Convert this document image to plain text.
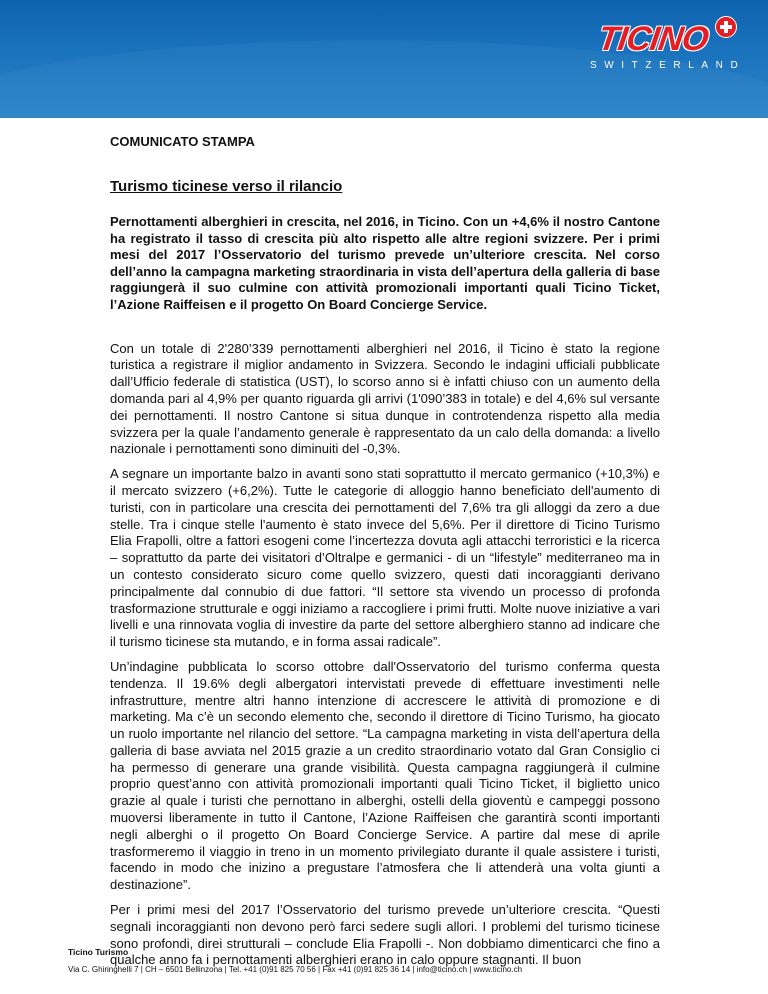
TICINO
SWITZERLAND

COMUNICATO STAMPA

Turismo ticinese verso il rilancio

Pernottamenti alberghieri in crescita, nel 2016, in Ticino. Con un +4,6% il nostro Cantone ha registrato il tasso di crescita più alto rispetto alle altre regioni svizzere. Per i primi mesi del 2017 l’Osservatorio del turismo prevede un’ulteriore crescita. Nel corso dell’anno la campagna marketing straordinaria in vista dell’apertura della galleria di base raggiungerà il suo culmine con attività promozionali importanti quali Ticino Ticket, l’Azione Raiffeisen e il progetto On Board Concierge Service.

Con un totale di 2'280’339 pernottamenti alberghieri nel 2016, il Ticino è stato la regione turistica a registrare il miglior andamento in Svizzera. Secondo le indagini ufficiali pubblicate dall’Ufficio federale di statistica (UST), lo scorso anno si è infatti chiuso con un aumento della domanda pari al 4,9% per quanto riguarda gli arrivi (1'090’383 in totale) e del 4,6% sul versante dei pernottamenti. Il nostro Cantone si situa dunque in controtendenza rispetto alla media svizzera per la quale l’andamento generale è rappresentato da un calo della domanda: a livello nazionale i pernottamenti sono diminuiti del -0,3%.

A segnare un importante balzo in avanti sono stati soprattutto il mercato germanico (+10,3%) e il mercato svizzero (+6,2%). Tutte le categorie di alloggio hanno beneficiato dell'aumento di turisti, con in particolare una crescita dei pernottamenti del 7,6% tra gli alloggi da zero a due stelle. Tra i cinque stelle l'aumento è stato invece del 5,6%. Per il direttore di Ticino Turismo Elia Frapolli, oltre a fattori esogeni come l’incertezza dovuta agli attacchi terroristici e la ricerca – soprattutto da parte dei visitatori d’Oltralpe e germanici - di un “lifestyle” mediterraneo ma in un contesto considerato sicuro come quello svizzero, questi dati incoraggianti derivano principalmente dal connubio di due fattori. “Il settore sta vivendo un processo di profonda trasformazione strutturale e oggi iniziamo a raccogliere i primi frutti. Molte nuove iniziative a vari livelli e una rinnovata voglia di investire da parte del settore alberghiero stanno ad indicare che il turismo ticinese sta mutando, e in forma assai radicale”.

Un’indagine pubblicata lo scorso ottobre dall'Osservatorio del turismo conferma questa tendenza. Il 19.6% degli albergatori intervistati prevede di effettuare investimenti nelle infrastrutture, mentre altri hanno intenzione di accrescere le attività di promozione e di marketing. Ma c’è un secondo elemento che, secondo il direttore di Ticino Turismo, ha giocato un ruolo importante nel rilancio del settore. “La campagna marketing in vista dell’apertura della galleria di base avviata nel 2015 grazie a un credito straordinario votato dal Gran Consiglio ci ha permesso di generare una grande visibilità. Questa campagna raggiungerà il culmine proprio quest’anno con attività promozionali importanti quali Ticino Ticket, il biglietto unico grazie al quale i turisti che pernottano in alberghi, ostelli della gioventù e campeggi possono muoversi liberamente in tutto il Cantone, l’Azione Raiffeisen che garantirà sconti importanti negli alberghi o il progetto On Board Concierge Service. A partire dal mese di aprile trasformeremo il viaggio in treno in un momento privilegiato durante il quale assistere i turisti, facendo in modo che inizino a pregustare l’atmosfera che li attenderà una volta giunti a destinazione”.

Per i primi mesi del 2017 l’Osservatorio del turismo prevede un’ulteriore crescita. “Questi segnali incoraggianti non devono però farci sedere sugli allori. I problemi del turismo ticinese sono profondi, direi strutturali – conclude Elia Frapolli -. Non dobbiamo dimenticarci che fino a qualche anno fa i pernottamenti alberghieri erano in calo oppure stagnanti. Il buon

Ticino Turismo
Via C. Ghiringhelli 7 | CH – 6501 Bellinzona | Tel. +41 (0)91 825 70 56 | Fax +41 (0)91 825 36 14 | info@ticino.ch | www.ticino.ch
